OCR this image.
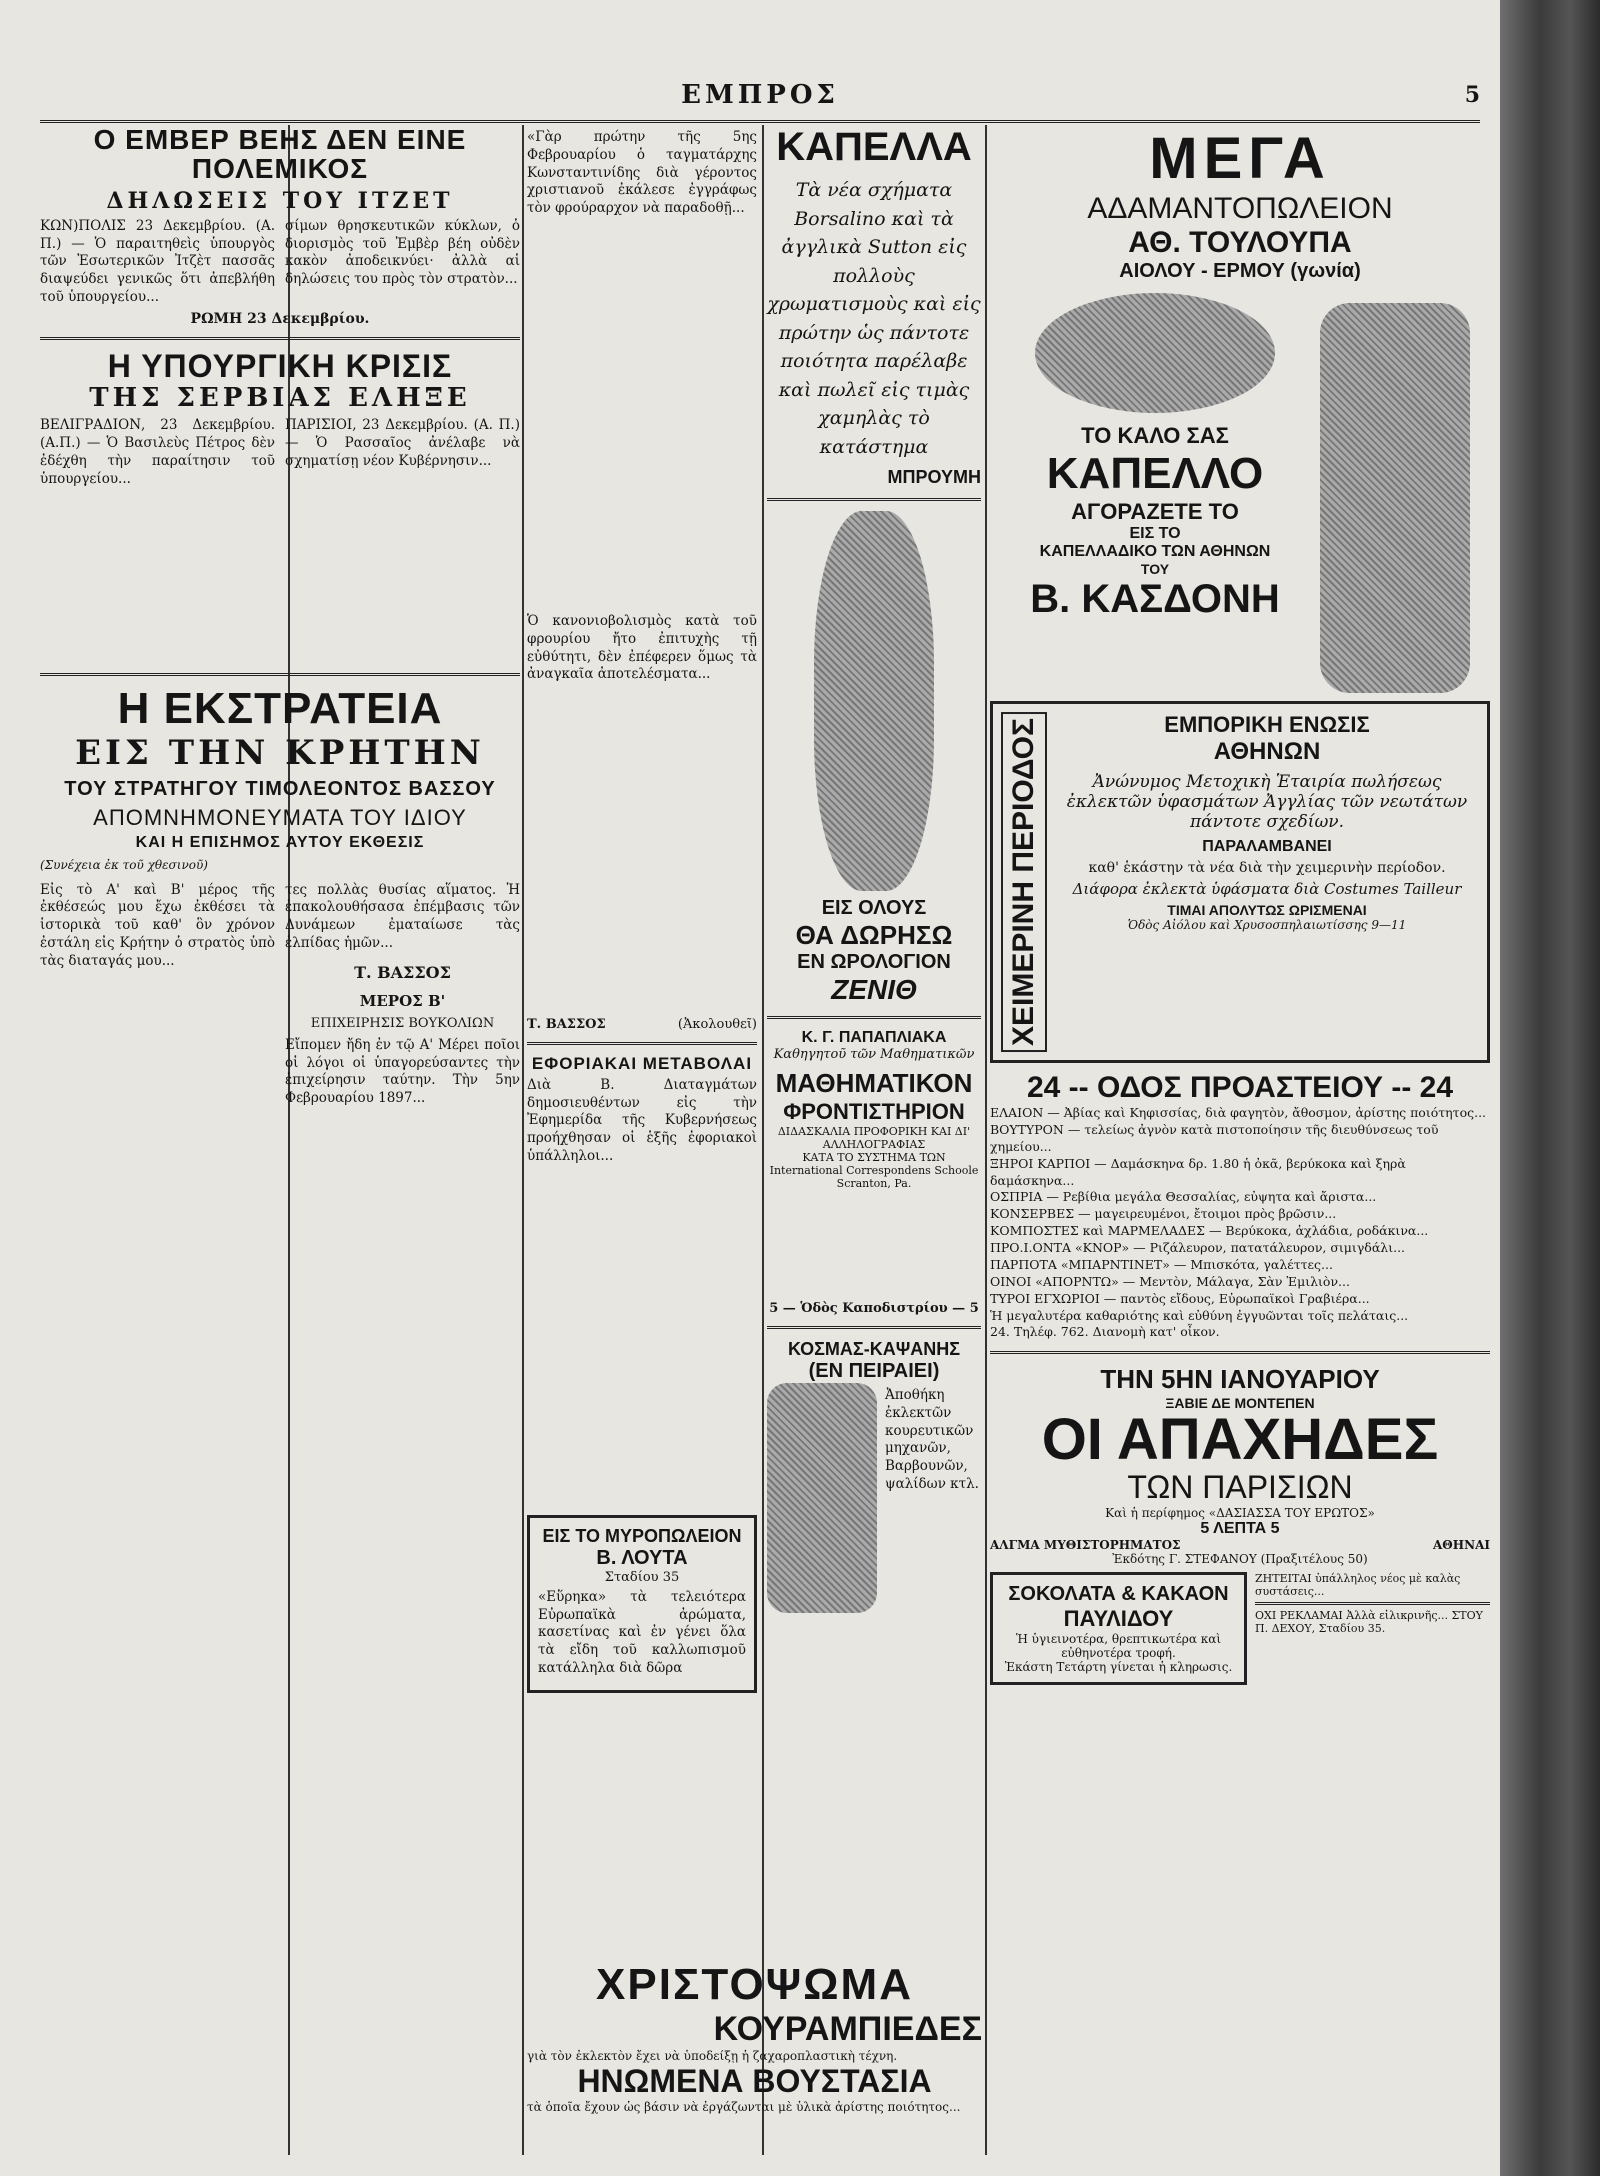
ΕΜΠΡΟΣ	5
Ο ΕΜΒΕΡ ΒΕΗΣ ΔΕΝ ΕΙΝΕ ΠΟΛΕΜΙΚΟΣ
ΔΗΛΩΣΕΙΣ ΤΟΥ ΙΤΖΕΤ

ΚΩΝ)ΠΟΛΙΣ 23 Δεκεμβρίου. (Α. Π.) — Ὁ παραιτηθεὶς ὑπουργὸς τῶν Ἐσωτερικῶν Ἰτζὲτ πασσᾶς διαψεύδει γενικῶς ὅτι ἀπεβλήθη τοῦ ὑπουργείου...

σίμων θρησκευτικῶν κύκλων, ὁ διορισμὸς τοῦ Ἐμβὲρ βέη οὐδὲν κακὸν ἀποδεικνύει· ἀλλὰ αἱ δηλώσεις του πρὸς τὸν στρατὸν...

ΡΩΜΗ 23 Δεκεμβρίου.
Η ΥΠΟΥΡΓΙΚΗ ΚΡΙΣΙΣ
ΤΗΣ ΣΕΡΒΙΑΣ ΕΛΗΞΕ

ΒΕΛΙΓΡΑΔΙΟΝ, 23 Δεκεμβρίου. (Α.Π.) — Ὁ Βασιλεὺς Πέτρος δὲν ἐδέχθη τὴν παραίτησιν τοῦ ὑπουργείου...

ΠΑΡΙΣΙΟΙ, 23 Δεκεμβρίου. (Α. Π.) — Ὁ Ρασσαῖος ἀνέλαβε νὰ σχηματίσῃ νέον Κυβέρνησιν...

Η ΕΚΣΤΡΑΤΕΙΑ
ΕΙΣ ΤΗΝ ΚΡΗΤΗΝ
ΤΟΥ ΣΤΡΑΤΗΓΟΥ ΤΙΜΟΛΕΟΝΤΟΣ ΒΑΣΣΟΥ
ΑΠΟΜΝΗΜΟΝΕΥΜΑΤΑ ΤΟΥ ΙΔΙΟΥ
ΚΑΙ Η ΕΠΙΣΗΜΟΣ ΑΥΤΟΥ ΕΚΘΕΣΙΣ
(Συνέχεια ἐκ τοῦ χθεσινοῦ)

Εἰς τὸ Α' καὶ Β' μέρος τῆς ἐκθέσεώς μου ἔχω ἐκθέσει τὰ ἱστορικὰ τοῦ καθ' ὃν χρόνον ἐστάλη εἰς Κρήτην ὁ στρατὸς ὑπὸ τὰς διαταγάς μου...

τες πολλὰς θυσίας αἵματος. Ἡ ἐπακολουθήσασα ἐπέμβασις τῶν Δυνάμεων ἐματαίωσε τὰς ἐλπίδας ἡμῶν...

Τ. ΒΑΣΣΟΣ
ΜΕΡΟΣ Β'
ΕΠΙΧΕΙΡΗΣΙΣ ΒΟΥΚΟΛΙΩΝ

Εἴπομεν ἤδη ἐν τῷ Α' Μέρει ποῖοι οἱ λόγοι οἱ ὑπαγορεύσαντες τὴν ἐπιχείρησιν ταύτην. Τὴν 5ην Φεβρουαρίου 1897...

«Γὰρ πρώτην τῆς 5ης Φεβρουαρίου ὁ ταγματάρχης Κωνσταντινίδης διὰ γέροντος χριστιανοῦ ἐκάλεσε ἐγγράφως τὸν φρούραρχον νὰ παραδοθῇ...

Ὁ κανονιοβολισμὸς κατὰ τοῦ φρουρίου ἤτο ἐπιτυχὴς τῇ εὐθύτητι, δὲν ἐπέφερεν ὅμως τὰ ἀναγκαῖα ἀποτελέσματα...

Τ. ΒΑΣΣΟΣ	(Ἀκολουθεῖ)
ΕΦΟΡΙΑΚΑΙ ΜΕΤΑΒΟΛΑΙ

Διὰ Β. Διαταγμάτων δημοσιευθέντων εἰς τὴν Ἐφημερίδα τῆς Κυβερνήσεως προήχθησαν οἱ ἑξῆς ἐφοριακοὶ ὑπάλληλοι...

ΕΙΣ ΤΟ ΜΥΡΟΠΩΛΕΙΟΝ
Β. ΛΟΥΤΑ
Σταδίου 35

«Εὕρηκα» τὰ τελειότερα Εὐρωπαϊκὰ ἀρώματα, κασετίνας καὶ ἐν γένει ὅλα τὰ εἴδη τοῦ καλλωπισμοῦ κατάλληλα διὰ δῶρα

ΚΑΠΕΛΛΑ

Τὰ νέα σχήματα Borsalino καὶ τὰ ἀγγλικὰ Sutton εἰς πολλοὺς χρωματισμοὺς καὶ εἰς πρώτην ὡς πάντοτε ποιότητα παρέλαβε καὶ πωλεῖ εἰς τιμὰς χαμηλὰς τὸ κατάστημα

ΜΠΡΟΥΜΗ
ΕΙΣ ΟΛΟΥΣ
ΘΑ ΔΩΡΗΣΩ
ΕΝ ΩΡΟΛΟΓΙΟΝ
ΖΕΝΙΘ
Κ. Γ. ΠΑΠΑΠΛΙΑΚΑ
Καθηγητοῦ τῶν Μαθηματικῶν
ΜΑΘΗΜΑΤΙΚΟΝ
ΦΡΟΝΤΙΣΤΗΡΙΟΝ
ΔΙΔΑΣΚΑΛΙΑ ΠΡΟΦΟΡΙΚΗ ΚΑΙ ΔΙ' ΑΛΛΗΛΟΓΡΑΦΙΑΣ
ΚΑΤΑ ΤΟ ΣΥΣΤΗΜΑ ΤΩΝ International Correspondens Schoole Scranton, Pa.
5 — Ὁδὸς Καποδιστρίου — 5
ΚΟΣΜΑΣ-ΚΑΨΑΝΗΣ
(ΕΝ ΠΕΙΡΑΙΕΙ)

Ἀποθήκη ἐκλεκτῶν κουρευτικῶν μηχανῶν, Βαρβουνῶν, ψαλίδων κτλ.

ΜΕΓΑ
ΑΔΑΜΑΝΤΟΠΩΛΕΙΟΝ
ΑΘ. ΤΟΥΛΟΥΠΑ
ΑΙΟΛΟΥ - ΕΡΜΟΥ (γωνία)
ΤΟ ΚΑΛΟ ΣΑΣ
ΚΑΠΕΛΛΟ
ΑΓΟΡΑΖΕΤΕ ΤΟ
ΕΙΣ ΤΟ
ΚΑΠΕΛΛΑΔΙΚΟ ΤΩΝ ΑΘΗΝΩΝ
ΤΟΥ
Β. ΚΑΣΔΟΝΗ
ΧΕΙΜΕΡΙΝΗ ΠΕΡΙΟΔΟΣ	ΕΜΠΟΡΙΚΗ ΕΝΩΣΙΣ
ΑΘΗΝΩΝ

Ἀνώνυμος Μετοχικὴ Ἑταιρία πωλήσεως ἐκλεκτῶν ὑφασμάτων Ἀγγλίας τῶν νεωτάτων πάντοτε σχεδίων.

ΠΑΡΑΛΑΜΒΑΝΕΙ

καθ' ἑκάστην τὰ νέα διὰ τὴν χειμερινὴν περίοδον.

Διάφορα ἐκλεκτὰ ὑφάσματα διὰ Costumes Tailleur

ΤΙΜΑΙ ΑΠΟΛΥΤΩΣ ΩΡΙΣΜΕΝΑΙ
Ὁδὸς Αἰόλου καὶ Χρυσοσπηλαιωτίσσης 9—11
24 -- ΟΔΟΣ ΠΡΟΑΣΤΕΙΟΥ -- 24
ΕΛΑΙΟΝ — Ἀβίας καὶ Κηφισσίας, διὰ φαγητὸν, ἄθοσμον, ἀρίστης ποιότητος...
ΒΟΥΤΥΡΟΝ — τελείως ἀγνὸν κατὰ πιστοποίησιν τῆς διευθύνσεως τοῦ χημείου...
ΞΗΡΟΙ ΚΑΡΠΟΙ — Δαμάσκηνα δρ. 1.80 ἡ ὀκᾶ, βερύκοκα καὶ ξηρὰ δαμάσκηνα...
ΟΣΠΡΙΑ — Ρεβίθια μεγάλα Θεσσαλίας, εὐψητα καὶ ἄριστα...
ΚΟΝΣΕΡΒΕΣ — μαγειρευμένοι, ἔτοιμοι πρὸς βρῶσιν...
ΚΟΜΠΟΣΤΕΣ καὶ ΜΑΡΜΕΛΑΔΕΣ — Βερύκοκα, ἀχλάδια, ροδάκινα...
ΠΡΟ.Ι.ΟΝΤΑ «ΚΝΟΡ» — Ριζάλευρον, πατατάλευρον, σιμιγδάλι...
ΠΑΡΠΟΤΑ «ΜΠΑΡΝΤΙΝΕΤ» — Μπισκότα, γαλέττες...
ΟΙΝΟΙ «ΑΠΟΡΝΤΩ» — Μεντὸν, Μάλαγα, Σὰν Ἐμιλιὸν...
ΤΥΡΟΙ ΕΓΧΩΡΙΟΙ — παντὸς εἴδους, Εὐρωπαϊκοὶ Γραβιέρα...
Ἡ μεγαλυτέρα καθαριότης καὶ εὐθύνη ἐγγυῶνται τοῖς πελάταις...
24. Τηλέφ. 762. Διανομὴ κατ' οἶκον.
ΤΗΝ 5ΗΝ ΙΑΝΟΥΑΡΙΟΥ
ΞΑΒΙΕ ΔΕ ΜΟΝΤΕΠΕΝ
ΟΙ ΑΠΑΧΗΔΕΣ
ΤΩΝ ΠΑΡΙΣΙΩΝ
Καὶ ἡ περίφημος «ΔΑΣΙΑΣΣΑ ΤΟΥ ΕΡΩΤΟΣ»
5 ΛΕΠΤΑ 5
ΑΛΓΜΑ ΜΥΘΙΣΤΟΡΗΜΑΤΟΣ	ΑΘΗΝΑΙ
Ἐκδότης Γ. ΣΤΕΦΑΝΟΥ (Πραξιτέλους 50)
ΣΟΚΟΛΑΤΑ & ΚΑΚΑΟΝ
ΠΑΥΛΙΔΟΥ
Ἡ ὑγιεινοτέρα, θρεπτικωτέρα καὶ εὐθηνοτέρα τροφή.
Ἐκάστη Τετάρτη γίνεται ἡ κληρωσις.
ΖΗΤΕΙΤΑΙ ὑπάλληλος νέος μὲ καλὰς συστάσεις...
ΟΧΙ ΡΕΚΛΑΜΑΙ Ἀλλὰ εἰλικρινῆς... ΣΤΟΥ Π. ΔΕΧΟΥ, Σταδίου 35.
ΧΡΙΣΤΟΨΩΜΑ
ΚΟΥΡΑΜΠΙΕΔΕΣ
γιὰ τὸν ἐκλεκτὸν ἔχει νὰ ὑποδείξῃ ἡ ζαχαροπλαστικὴ τέχνη.
ΗΝΩΜΕΝΑ ΒΟΥΣΤΑΣΙΑ
τὰ ὁποῖα ἔχουν ὡς βάσιν νὰ ἐργάζωνται μὲ ὑλικὰ ἀρίστης ποιότητος...
